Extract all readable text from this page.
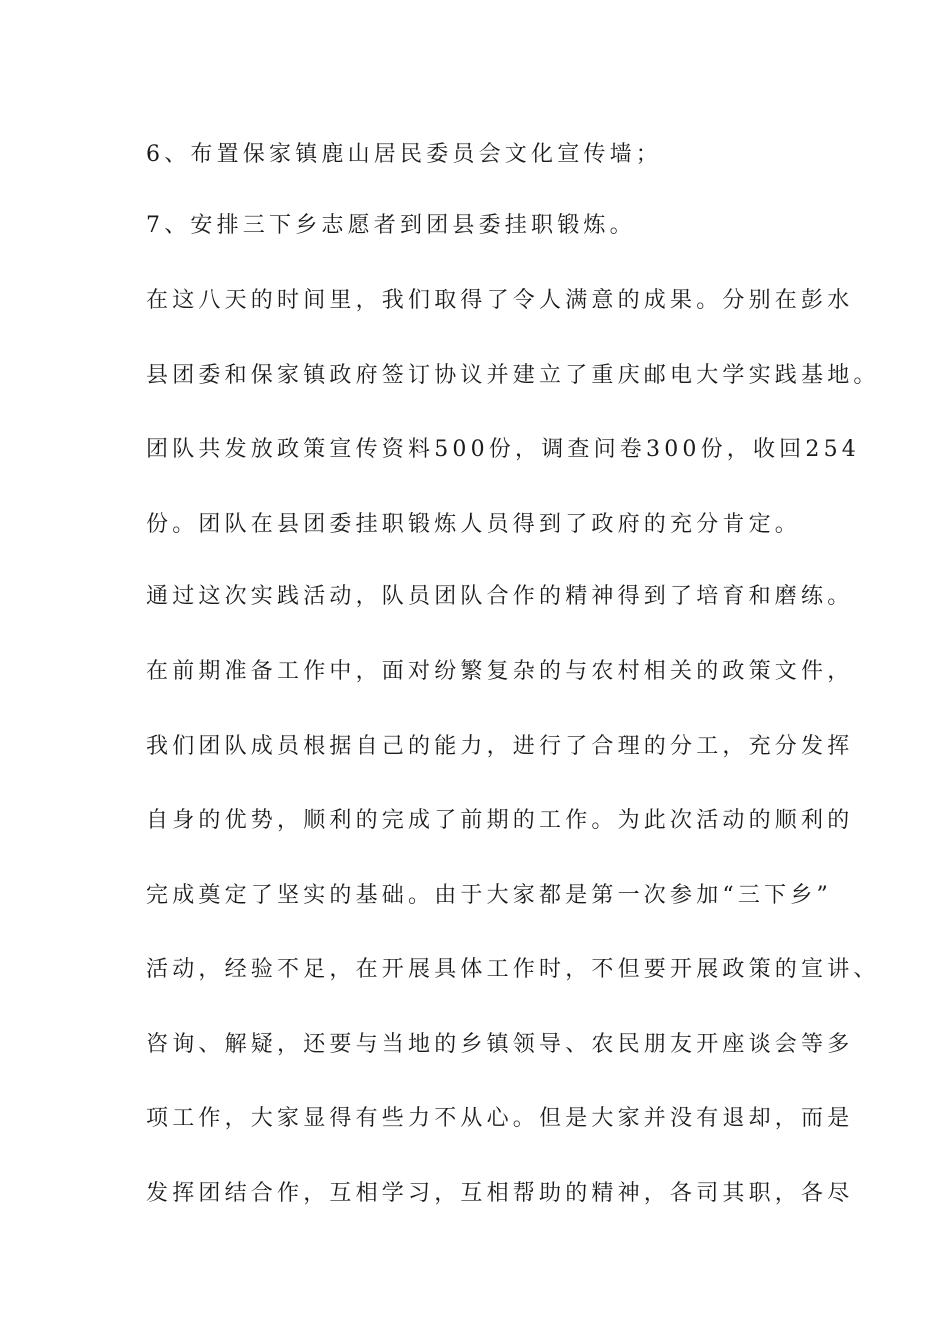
6、布置保家镇鹿山居民委员会文化宣传墙；
7、安排三下乡志愿者到团县委挂职锻炼。
在这八天的时间里，我们取得了令人满意的成果。分别在彭水
县团委和保家镇政府签订协议并建立了重庆邮电大学实践基地。
团队共发放政策宣传资料500份，调查问卷300份，收回254
份。团队在县团委挂职锻炼人员得到了政府的充分肯定。
通过这次实践活动，队员团队合作的精神得到了培育和磨练。
在前期准备工作中，面对纷繁复杂的与农村相关的政策文件，
我们团队成员根据自己的能力，进行了合理的分工，充分发挥
自身的优势，顺利的完成了前期的工作。为此次活动的顺利的
完成奠定了坚实的基础。由于大家都是第一次参加“三下乡”
活动，经验不足，在开展具体工作时，不但要开展政策的宣讲、
咨询、解疑，还要与当地的乡镇领导、农民朋友开座谈会等多
项工作，大家显得有些力不从心。但是大家并没有退却，而是
发挥团结合作，互相学习，互相帮助的精神，各司其职，各尽
